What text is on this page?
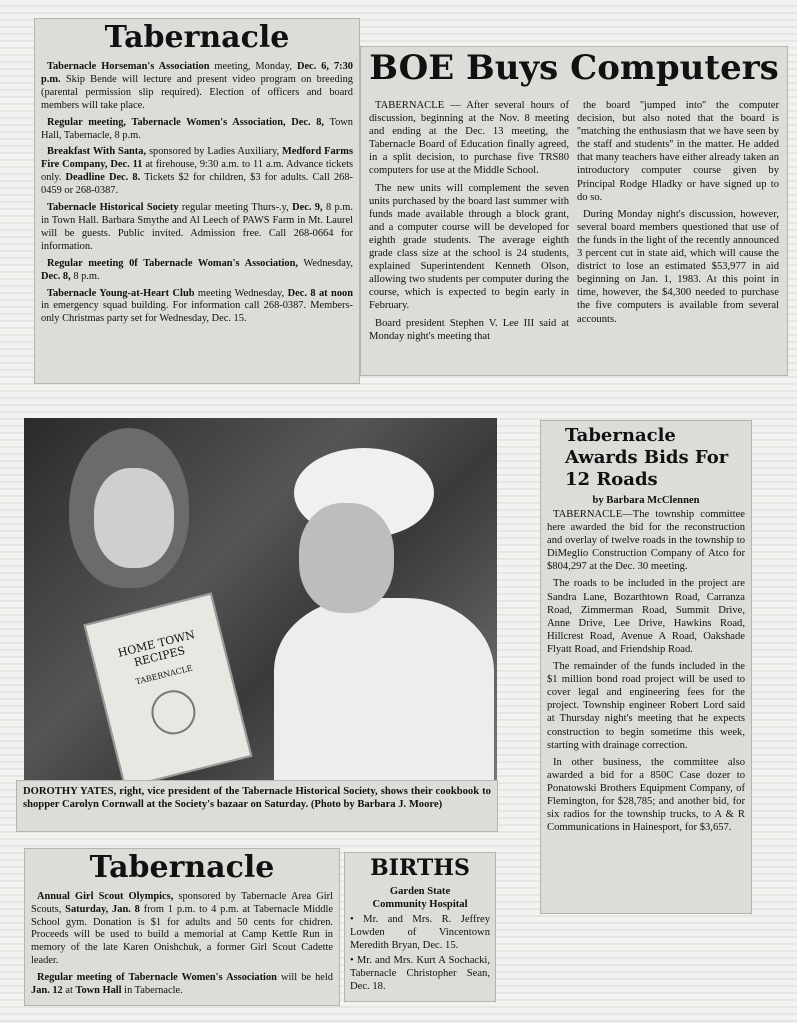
Tabernacle

Tabernacle Horseman's Association meeting, Monday, Dec. 6, 7:30 p.m. Skip Bende will lecture and present video program on breeding (parental permission slip required). Election of officers and board members will take place.

Regular meeting, Tabernacle Women's Association, Dec. 8, Town Hall, Tabernacle, 8 p.m.

Breakfast With Santa, sponsored by Ladies Auxiliary, Medford Farms Fire Company, Dec. 11 at firehouse, 9:30 a.m. to 11 a.m. Advance tickets only. Deadline Dec. 8. Tickets $2 for children, $3 for adults. Call 268-0459 or 268-0387.

Tabernacle Historical Society regular meeting Thurs-.y, Dec. 9, 8 p.m. in Town Hall. Barbara Smythe and Al Leech of PAWS Farm in Mt. Laurel will be guests. Public invited. Admission free. Call 268-0664 for information.

Regular meeting 0f Tabernacle Woman's Association, Wednesday, Dec. 8, 8 p.m.

Tabernacle Young-at-Heart Club meeting Wednesday, Dec. 8 at noon in emergency squad building. For information call 268-0387. Members-only Christmas party set for Wednesday, Dec. 15.

BOE Buys Computers

TABERNACLE — After several hours of discussion, beginning at the Nov. 8 meeting and ending at the Dec. 13 meeting, the Tabernacle Board of Education finally agreed, in a split decision, to purchase five TRS80 computers for use at the Middle School.

The new units will complement the seven units purchased by the board last summer with funds made available through a block grant, and a computer course will be developed for eighth grade students. The average eighth grade class size at the school is 24 students, explained Superintendent Kenneth Olson, allowing two students per computer during the course, which is expected to begin early in February.

Board president Stephen V. Lee III said at Monday night's meeting that

the board ''jumped into'' the computer decision, but also noted that the board is ''matching the enthusiasm that we have seen by the staff and students'' in the matter. He added that many teachers have either already taken an introductory computer course given by Principal Rodge Hladky or have signed up to do so.

During Monday night's discussion, however, several board members questioned that use of the funds in the light of the recently announced 3 percent cut in state aid, which will cause the district to lose an estimated $53,977 in aid beginning on Jan. 1, 1983. At this point in time, however, the $4,300 needed to purchase the five computers is available from several accounts.

HOME TOWN RECIPES
TABERNACLE

DOROTHY YATES, right, vice president of the Tabernacle Historical Society, shows their cookbook to shopper Carolyn Cornwall at the Society's bazaar on Saturday. (Photo by Barbara J. Moore)

Tabernacle Awards Bids For 12 Roads
by Barbara McClennen

TABERNACLE—The township committee here awarded the bid for the reconstruction and overlay of twelve roads in the township to DiMeglio Construction Company of Atco for $804,297 at the Dec. 30 meeting.

The roads to be included in the project are Sandra Lane, Bozarthtown Road, Carranza Road, Zimmerman Road, Summit Drive, Anne Drive, Lee Drive, Hawkins Road, Hillcrest Road, Avenue A Road, Oakshade Flyatt Road, and Friendship Road.

The remainder of the funds included in the $1 million bond road project will be used to cover legal and engineering fees for the project. Township engineer Robert Lord said at Thursday night's meeting that he expects construction to begin sometime this week, starting with drainage correction.

In other business, the committee also awarded a bid for a 850C Case dozer to Ponatowski Brothers Equipment Company, of Flemington, for $28,785; and another bid, for six radios for the township trucks, to A & R Communications in Hainesport, for $3,657.

Tabernacle

Annual Girl Scout Olympics, sponsored by Tabernacle Area Girl Scouts, Saturday, Jan. 8 from 1 p.m. to 4 p.m. at Tabernacle Middle School gym. Donation is $1 for adults and 50 cents for chidren. Proceeds will be used to build a memorial at Camp Kettle Run in memory of the late Karen Onishchuk, a former Girl Scout Cadette leader.

Regular meeting of Tabernacle Women's Association will be held Jan. 12 at Town Hall in Tabernacle.

BIRTHS
Garden State Community Hospital

• Mr. and Mrs. R. Jeffrey Lowden of Vincentown Meredith Bryan, Dec. 15.

• Mr. and Mrs. Kurt A Sochacki, Tabernacle Christopher Sean, Dec. 18.
